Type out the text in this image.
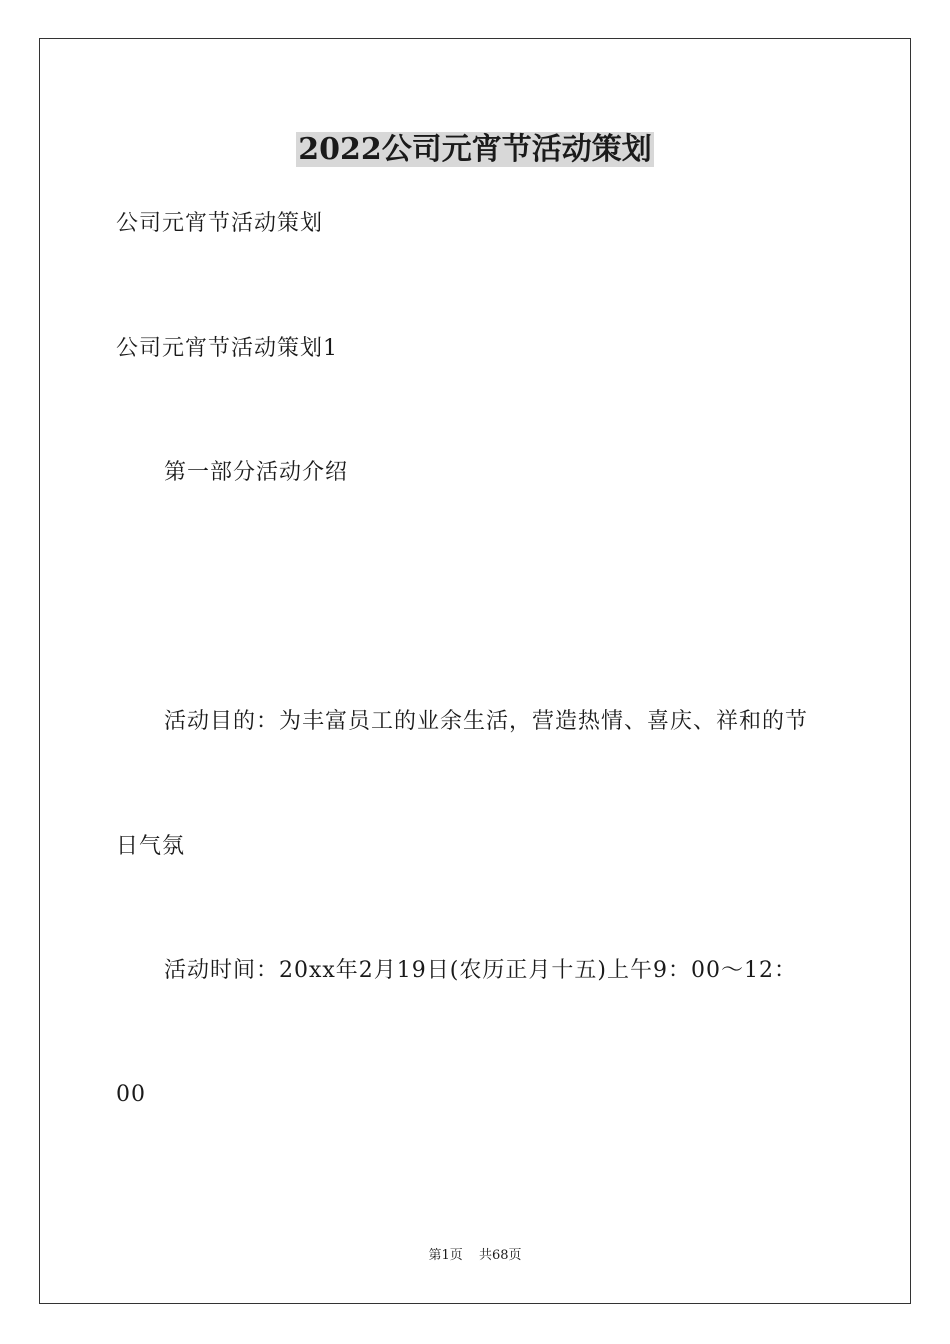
2022公司元宵节活动策划

公司元宵节活动策划

公司元宵节活动策划1

第一部分活动介绍

活动目的：为丰富员工的业余生活，营造热情、喜庆、祥和的节

日气氛

活动时间：20xx年2月19日(农历正月十五)上午9：00～12：

00

第1页 共68页
